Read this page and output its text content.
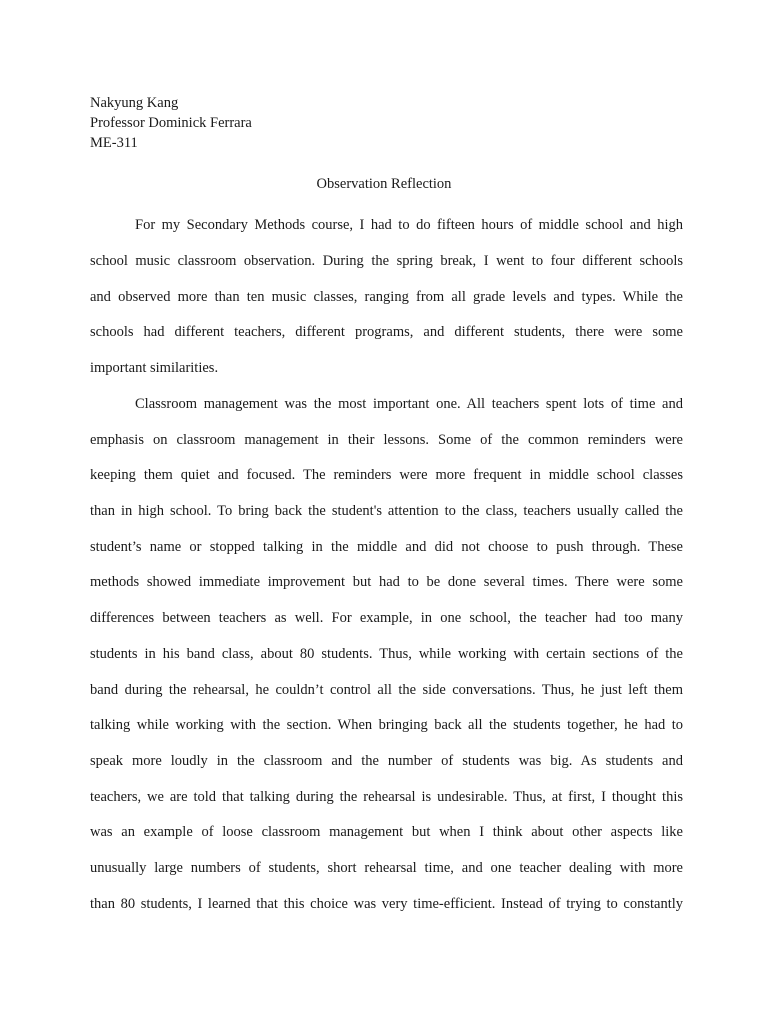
Nakyung Kang
Professor Dominick Ferrara
ME-311
Observation Reflection
For my Secondary Methods course, I had to do fifteen hours of middle school and high
school music classroom observation. During the spring break, I went to four different schools
and observed more than ten music classes, ranging from all grade levels and types. While the
schools had different teachers, different programs, and different students, there were some
important similarities.
Classroom management was the most important one. All teachers spent lots of time and
emphasis on classroom management in their lessons. Some of the common reminders were
keeping them quiet and focused. The reminders were more frequent in middle school classes
than in high school. To bring back the student's attention to the class, teachers usually called the
student’s name or stopped talking in the middle and did not choose to push through. These
methods showed immediate improvement but had to be done several times. There were some
differences between teachers as well. For example, in one school, the teacher had too many
students in his band class, about 80 students. Thus, while working with certain sections of the
band during the rehearsal, he couldn’t control all the side conversations. Thus, he just left them
talking while working with the section. When bringing back all the students together, he had to
speak more loudly in the classroom and the number of students was big. As students and
teachers, we are told that talking during the rehearsal is undesirable. Thus, at first, I thought this
was an example of loose classroom management but when I think about other aspects like
unusually large numbers of students, short rehearsal time, and one teacher dealing with more
than 80 students, I learned that this choice was very time-efficient. Instead of trying to constantly
